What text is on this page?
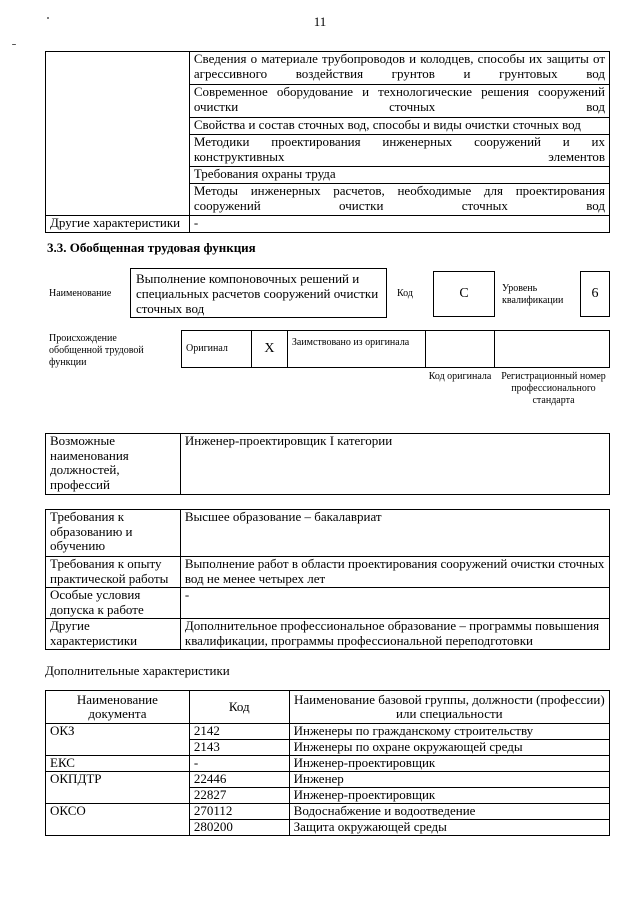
11
	Сведения о материале трубопроводов и колодцев, способы их защиты от агрессивного воздействия грунтов и грунтовых вод
	Современное оборудование и технологические решения сооружений очистки сточных вод
	Свойства и состав сточных вод, способы и виды очистки сточных вод
	Методики проектирования инженерных сооружений и их конструктивных элементов
	Требования охраны труда
	Методы инженерных расчетов, необходимые для проектирования сооружений очистки сточных вод
Другие характеристики	-
3.3. Обобщенная трудовая функция
Наименование
Выполнение компоновочных решений и специальных расчетов сооружений очистки сточных вод
Код	C	Уровень квалификации	6
Происхождение обобщенной трудовой функции
Оригинал	X	Заимствовано из оригинала		
Код оригинала Регистрационный номер профессионального стандарта
Возможные наименования должностей, профессий	Инженер-проектировщик I категории
Требования к образованию и обучению	Высшее образование – бакалавриат
Требования к опыту практической работы	Выполнение работ в области проектирования сооружений очистки сточных вод не менее четырех лет
Особые условия допуска к работе	-
Другие характеристики	Дополнительное профессиональное образование – программы повышения квалификации, программы профессиональной переподготовки
Дополнительные характеристики
Наименование документа	Код	Наименование базовой группы, должности (профессии) или специальности
ОКЗ	2142	Инженеры по гражданскому строительству
	2143	Инженеры по охране окружающей среды
ЕКС	-	Инженер-проектировщик
ОКПДТР	22446	Инженер
	22827	Инженер-проектировщик
ОКСО	270112	Водоснабжение и водоотведение
	280200	Защита окружающей среды
